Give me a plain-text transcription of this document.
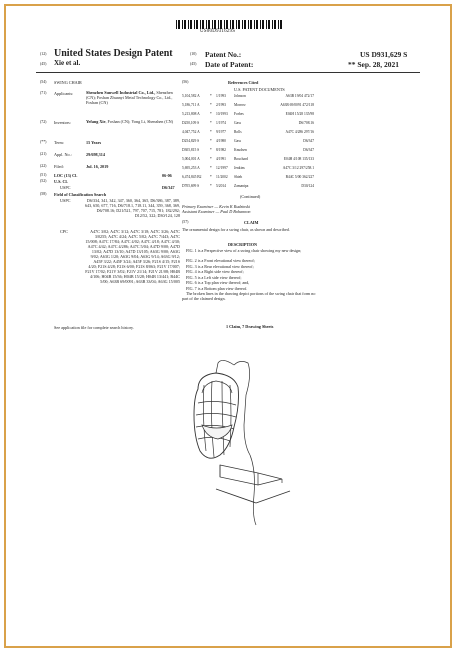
US00D931629S
(12) United States Design Patent
(45) Xie et al.
(10) Patent No.:	US D931,629 S
(45) Date of Patent:	** Sep. 28, 2021
(54) SWING CHAIR
(71) Applicants:	Shenzhen Sunwell Industrial Co., Ltd., Shenzhen (CN); Foshan Zhuanyi Metal Technology Co., Ltd., Foshan (CN)
(72) Inventors:	Yefang Xie, Foshan (CN); Yong Li, Shenzhen (CN)
(**) Term:	15 Years
(21) Appl. No.:	29/698,314
(22) Filed:	Jul. 16, 2019
(51) LOC (13) Cl.	06-06
(52) U.S. Cl.
USPC	D6/347
(58) Field of Classification Search
USPC	D6/334, 341, 342, 347, 360, 364, 365, D6/386, 387, 389, 643, 650, 677, 716, D6/718.1, 718.11, 344, 359, 368, 369, D6/708.16; D21/521, 797, 707, 715, 781; 182/292; D12/52, 322; D30/124, 128
CPC	A47C 3/02; A47C 3/12; A47C 3/18; A47C 3/26; A47C 3/0255; A47C 4/24; A47C 5/02; A47C 7/443; A47C 15/008; A47C 17/84; A47C 4/02; A47C 4/18; A47C 4/30; A47C 4/42; A47C 4/286; A47C 5/04; A47D 9/00; A47D 13/02; A47D 13/10; A47D 13/105; A63G 9/00; A63G 9/02; A63G 1/20; A63G 9/04; A63G 9/14; A63G 9/12; A45F 3/22; A45F 3/24; A45F 3/26; F21S 4/15; F21S 4/20; F21S 4/28; F21S 6/00; F21S 8/063; F21V 17/007; F21V 17/02; F21V 3/02; F21V 21/14; F21V 21/08; H04B 4/106; H04B 15/36; H04B 15/28; H04B 13/441; B44C 5/00; A63B 69/0091; A63B 33/04; A63G 15/005
See application file for complete search history.
(56)	References Cited
U.S. PATENT DOCUMENTS
5,104,582 A	* 1/1993 Johnson	A63B 19/04 472/17
5,186,711 A	* 2/1993 Morrow	A63B 69/0091 472/118
5,213,808 A	* 10/1993 Forbes	E04H 15/28 135/98
D250,109 S	* 1/1974 Gass	D6/708.16
4,047,752 A	* 9/1977 Rolls	A47C 4/286 297/16
D254,829 S	* 4/1980 Gass	D6/347
D305,815 S	* 8/1982 Knudsen	D6/347
5,004,001 A	* 4/1991 Bouchard	E04H 4/108 135/133
5,695,253 A	* 12/1997 Jenkins	A47C 3/12 297/258.1
6,474,845 B2 * 11/2002 Shieh	B44C 5/00 362/227
D705,699 S	* 5/2014 Zamanipa	D30/124
(Continued)
Primary Examiner — Kevin K Rudzinski
Assistant Examiner — Paul D Bohannon
(57)	CLAIM
The ornamental design for a swing chair, as shown and described.
DESCRIPTION
FIG. 1 is a Perspective view of a swing chair showing my new design;
FIG. 2 is a Front elevational view thereof;
FIG. 3 is a Rear elevational view thereof;
FIG. 4 is a Right side view thereof;
FIG. 5 is a Left side view thereof;
FIG. 6 is a Top plan view thereof; and,
FIG. 7 is a Bottom plan view thereof.
The broken lines in the drawing depict portions of the swing chair that form no part of the claimed design.
1 Claim, 7 Drawing Sheets
